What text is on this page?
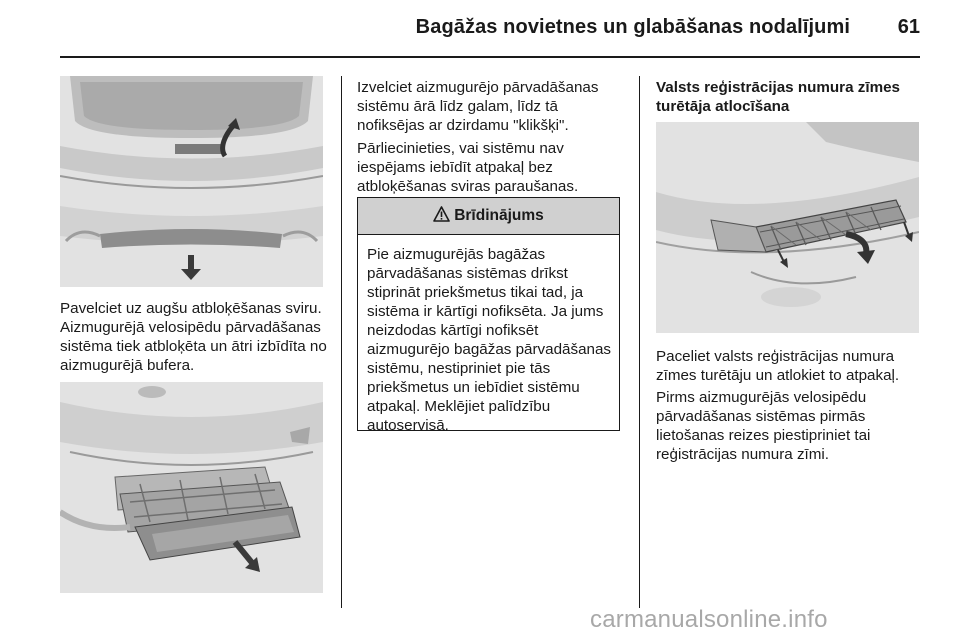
Bagāžas novietnes un glabāšanas nodalījumi	61

Pavelciet uz augšu atbloķēšanas sviru. Aizmugurējā velosipēdu pārvadāšanas sistēma tiek atbloķēta un ātri izbīdīta no aizmugurējā bufera.

Izvelciet aizmugurējo pārvadāšanas sistēmu ārā līdz galam, līdz tā nofiksējas ar dzirdamu "klikšķi".

Pārliecinieties, vai sistēmu nav iespējams iebīdīt atpakaļ bez atbloķēšanas sviras paraušanas.

Brīdinājums
Pie aizmugurējās bagāžas pārvadāšanas sistēmas drīkst stiprināt priekšmetus tikai tad, ja sistēma ir kārtīgi nofiksēta. Ja jums neizdodas kārtīgi nofiksēt aizmugurējo bagāžas pārvadāšanas sistēmu, nestipriniet pie tās priekšmetus un iebīdiet sistēmu atpakaļ. Meklējiet palīdzību autoservisā.

Valsts reģistrācijas numura zīmes turētāja atlocīšana

Paceliet valsts reģistrācijas numura zīmes turētāju un atlokiet to atpakaļ.

Pirms aizmugurējās velosipēdu pārvadāšanas sistēmas pirmās lietošanas reizes piestipriniet tai reģistrācijas numura zīmi.

carmanualsonline.info
